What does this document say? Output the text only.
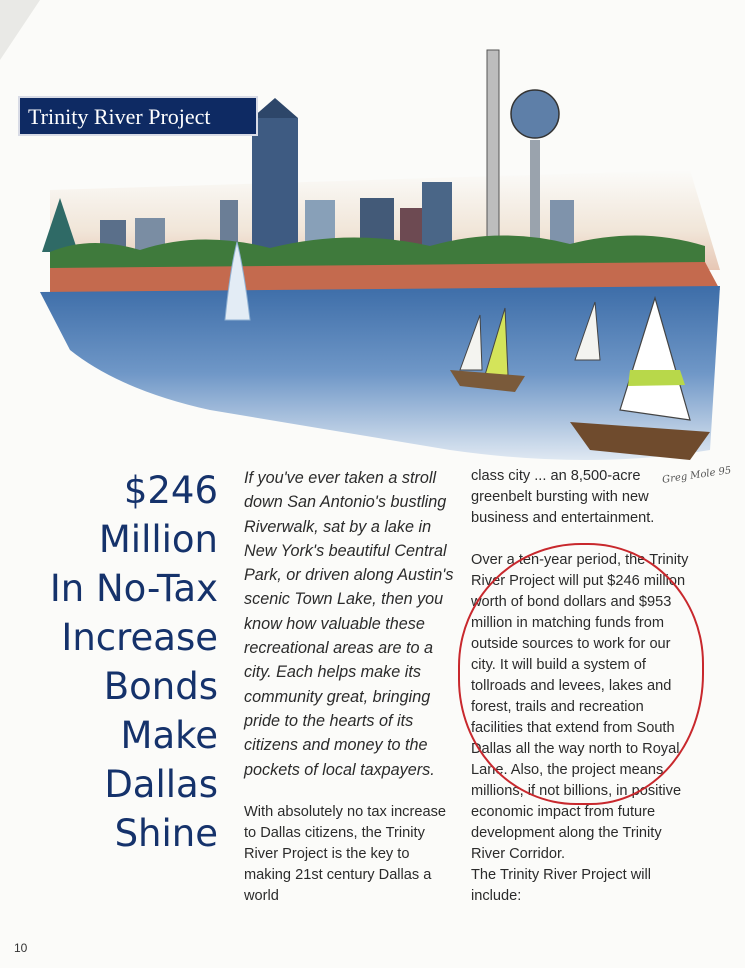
Trinity River Project
Greg Mole 95
$246
Million
In No-Tax
Increase
Bonds
Make
Dallas
Shine

If you've ever taken a stroll down San Antonio's bustling Riverwalk, sat by a lake in New York's beautiful Central Park, or driven along Austin's scenic Town Lake, then you know how valuable these recreational areas are to a city. Each helps make its community great, bringing pride to the hearts of its citizens and money to the pockets of local taxpayers.

With absolutely no tax increase to Dallas citizens, the Trinity River Project is the key to making 21st century Dallas a world

class city ... an 8,500-acre greenbelt bursting with new business and entertainment.

Over a ten-year period, the Trinity River Project will put $246 million worth of bond dollars and $953 million in matching funds from outside sources to work for our city. It will build a system of tollroads and levees, lakes and forest, trails and recreation facilities that extend from South Dallas all the way north to Royal Lane. Also, the project means millions, if not billions, in positive economic impact from future development along the Trinity River Corridor.

The Trinity River Project will include:

10
